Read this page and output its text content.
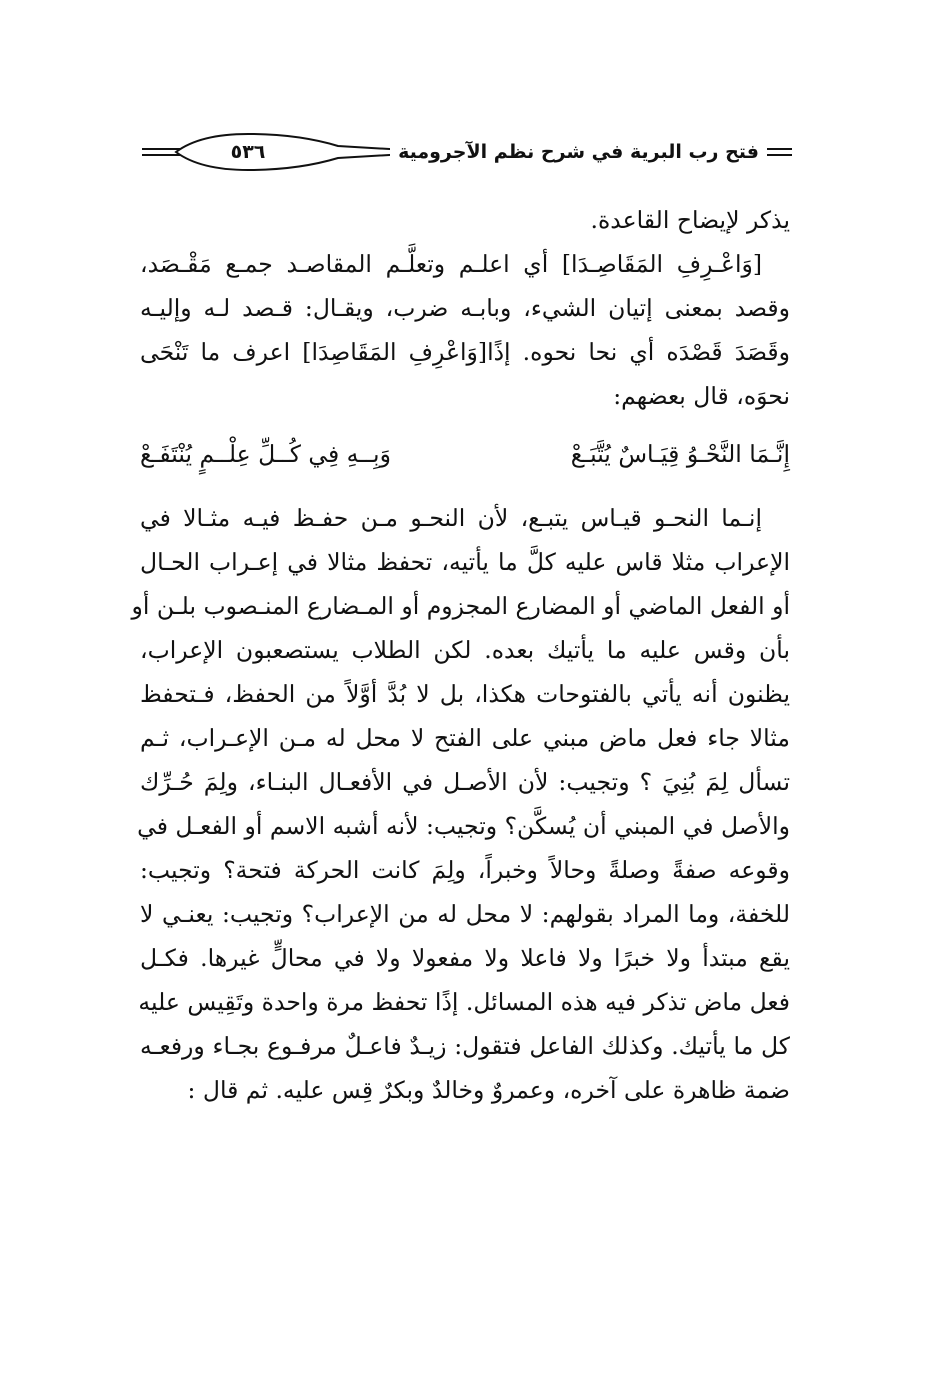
فتح رب البرية في شرح نظم الآجرومية
٥٣٦
يذكر لإيضاح القاعدة.
[وَاعْـرِفِ المَقَاصِـدَا] أي اعلـم وتعلَّـم المقاصـد جمـع مَقْـصَد،
وقصد بمعنى إتيان الشيء، وبابـه ضرب، ويقـال: قـصد لـه وإليـه
وقَصَدَ قَصْدَه أي نحا نحوه. إذًا[وَاعْرِفِ المَقَاصِدَا] اعرف ما تَنْحَى
نحوَه، قال بعضهم:
إِنَّـمَا النَّحْـوُ قِيَـاسٌ يُتَّبَـعْ
وَبِــهِ فِي كُــلِّ عِلْــمٍ يُنْتَفَـعْ
إنـما النحـو قيـاس يتبـع، لأن النحـو مـن حفـظ فيـه مثـالا في
الإعراب مثلا قاس عليه كلَّ ما يأتيه، تحفظ مثالا في إعـراب الحـال
أو الفعل الماضي أو المضارع المجزوم أو المـضارع المنـصوب بلـن أو
بأن وقس عليه ما يأتيك بعده. لكن الطلاب يستصعبون الإعراب،
يظنون أنه يأتي بالفتوحات هكذا، بل لا بُدَّ أوَّلاً من الحفظ، فـتحفظ
مثالا جاء فعل ماض مبني على الفتح لا محل له مـن الإعـراب، ثـم
تسأل لِمَ بُنِيَ ؟ وتجيب: لأن الأصـل في الأفعـال البنـاء، ولِمَ حُـرِّك
والأصل في المبني أن يُسكَّن؟ وتجيب: لأنه أشبه الاسم أو الفعـل في
وقوعه صفةً وصلةً وحالاً وخبراً، ولِمَ كانت الحركة فتحة؟ وتجيب:
للخفة، وما المراد بقولهم: لا محل له من الإعراب؟ وتجيب: يعنـي لا
يقع مبتدأ ولا خبرًا ولا فاعلا ولا مفعولا ولا في محالٍّ غيرها. فكـل
فعل ماض تذكر فيه هذه المسائل. إذًا تحفظ مرة واحدة وتَقِيس عليه
كل ما يأتيك. وكذلك الفاعل فتقول: زيـدٌ فاعـلٌ مرفـوع بجـاء ورفعـه
ضمة ظاهرة على آخره، وعمروٌ وخالدٌ وبكرٌ قِس عليه. ثم قال :
